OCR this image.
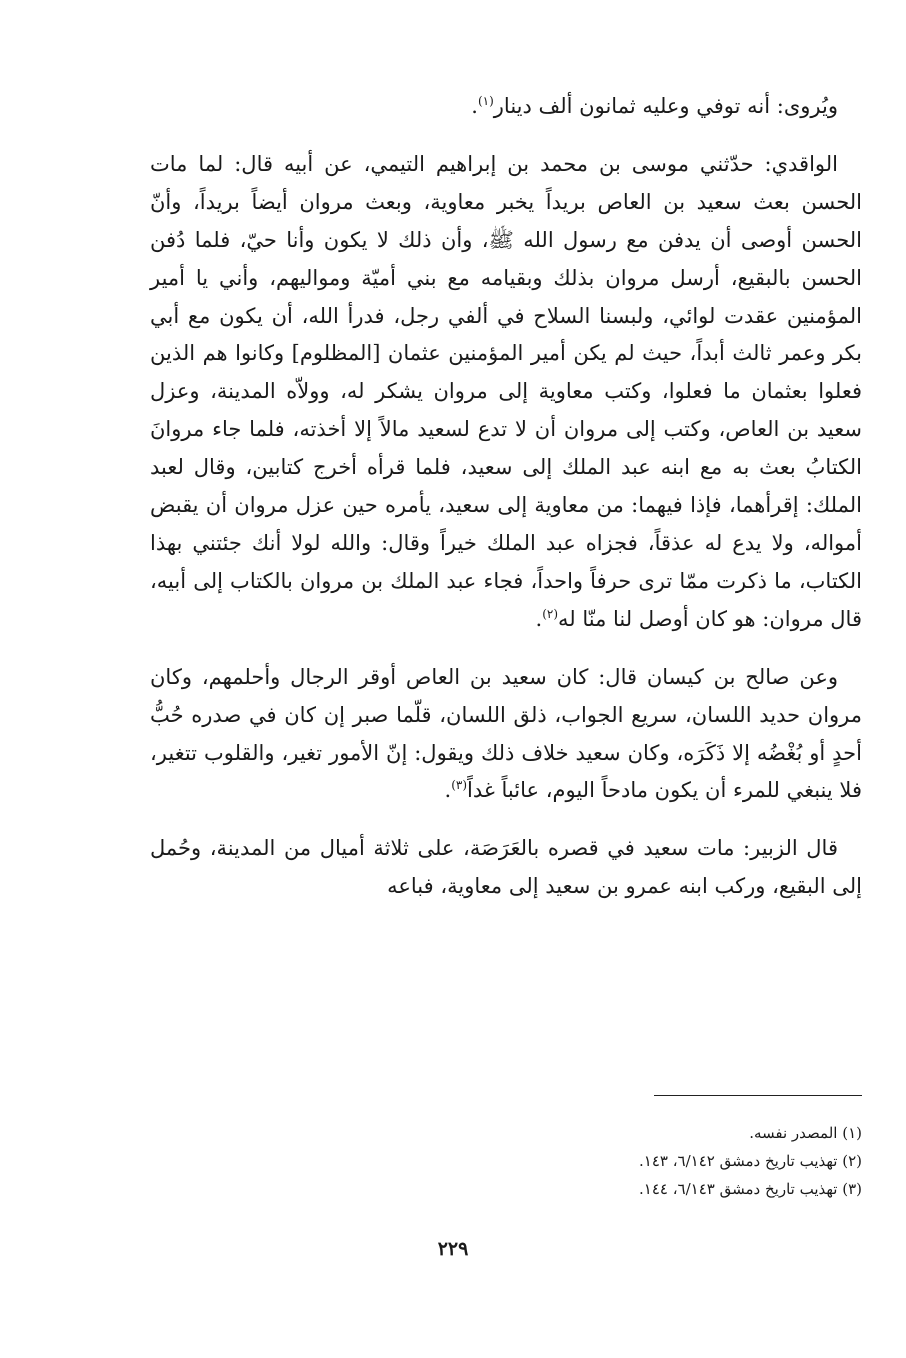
ويُروى: أنه توفي وعليه ثمانون ألف دينار$^{(١)}$.

الواقدي: حدّثني موسى بن محمد بن إبراهيم التيمي، عن أبيه قال: لما مات الحسن بعث سعيد بن العاص بريداً يخبر معاوية، وبعث مروان أيضاً بريداً، وأنّ الحسن أوصى أن يدفن مع رسول الله ﷺ، وأن ذلك لا يكون وأنا حيّ، فلما دُفن الحسن بالبقيع، أرسل مروان بذلك وبقيامه مع بني أميّة ومواليهم، وأني يا أمير المؤمنين عقدت لوائي، ولبسنا السلاح في ألفي رجل، فدرأ الله، أن يكون مع أبي بكر وعمر ثالث أبداً، حيث لم يكن أمير المؤمنين عثمان [المظلوم] وكانوا هم الذين فعلوا بعثمان ما فعلوا، وكتب معاوية إلى مروان يشكر له، وولاّه المدينة، وعزل سعيد بن العاص، وكتب إلى مروان أن لا تدع لسعيد مالاً إلا أخذته، فلما جاء مروانَ الكتابُ بعث به مع ابنه عبد الملك إلى سعيد، فلما قرأه أخرج كتابين، وقال لعبد الملك: إقرأهما، فإذا فيهما: من معاوية إلى سعيد، يأمره حين عزل مروان أن يقبض أمواله، ولا يدع له عذقاً، فجزاه عبد الملك خيراً وقال: والله لولا أنك جئتني بهذا الكتاب، ما ذكرت ممّا ترى حرفاً واحداً، فجاء عبد الملك بن مروان بالكتاب إلى أبيه، قال مروان: هو كان أوصل لنا منّا له$^{(٢)}$.

وعن صالح بن كيسان قال: كان سعيد بن العاص أوقر الرجال وأحلمهم، وكان مروان حديد اللسان، سريع الجواب، ذلق اللسان، قلّما صبر إن كان في صدره حُبُّ أحدٍ أو بُغْضُه إلا ذَكَرَه، وكان سعيد خلاف ذلك ويقول: إنّ الأمور تغير، والقلوب تتغير، فلا ينبغي للمرء أن يكون مادحاً اليوم، عائباً غداً$^{(٣)}$.

قال الزبير: مات سعيد في قصره بالعَرَصَة، على ثلاثة أميال من المدينة، وحُمل إلى البقيع، وركب ابنه عمرو بن سعيد إلى معاوية، فباعه

(١) المصدر نفسه.
(٢) تهذيب تاريخ دمشق ٦/١٤٢، ١٤٣.
(٣) تهذيب تاريخ دمشق ٦/١٤٣، ١٤٤.
٢٢٩
